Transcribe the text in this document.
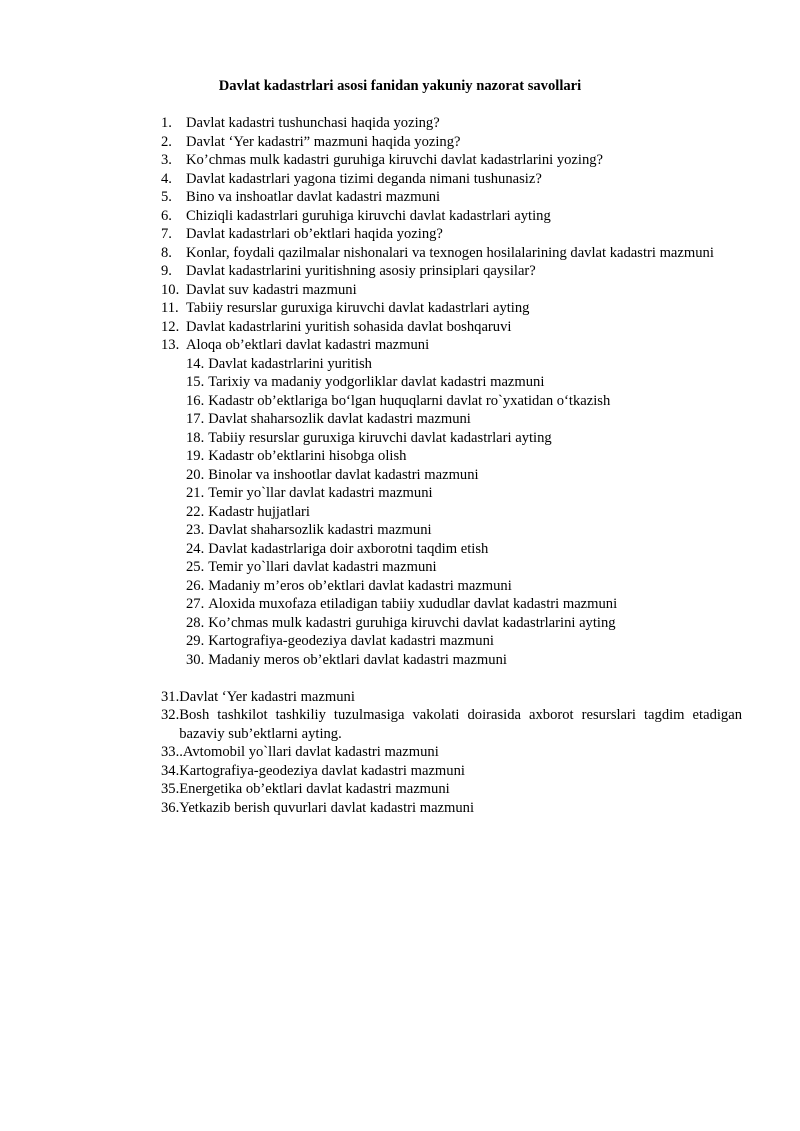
Davlat kadastrlari asosi fanidan yakuniy nazorat savollari
1. Davlat kadastri tushunchasi haqida yozing?
2. Davlat ‘Yer kadastri” mazmuni haqida yozing?
3. Ko’chmas mulk kadastri guruhiga kiruvchi davlat kadastrlarini yozing?
4. Davlat kadastrlari yagona tizimi deganda nimani tushunasiz?
5. Bino va inshoatlar davlat kadastri mazmuni
6. Chiziqli kadastrlari guruhiga kiruvchi davlat kadastrlari ayting
7. Davlat kadastrlari ob’ektlari haqida yozing?
8. Konlar, foydali qazilmalar nishonalari va texnogen hosilalarining davlat kadastri mazmuni
9. Davlat kadastrlarini yuritishning asosiy prinsiplari qaysilar?
10. Davlat suv kadastri mazmuni
11. Tabiiy resurslar guruxiga kiruvchi davlat kadastrlari ayting
12. Davlat kadastrlarini yuritish sohasida davlat boshqaruvi
13. Aloqa ob’ektlari davlat kadastri mazmuni
14. Davlat kadastrlarini yuritish
15. Tarixiy va madaniy yodgorliklar davlat kadastri mazmuni
16. Kadastr ob’ektlariga bo‘lgan huquqlarni davlat ro`yxatidan o‘tkazish
17. Davlat shaharsozlik davlat kadastri mazmuni
18. Tabiiy resurslar guruxiga kiruvchi davlat kadastrlari ayting
19. Kadastr ob’ektlarini hisobga olish
20. Binolar va inshootlar davlat kadastri mazmuni
21. Temir yo`llar davlat kadastri mazmuni
22. Kadastr hujjatlari
23. Davlat shaharsozlik kadastri mazmuni
24. Davlat kadastrlariga doir axborotni taqdim etish
25. Temir yo`llari davlat kadastri mazmuni
26. Madaniy m’eros ob’ektlari davlat kadastri mazmuni
27. Aloxida muxofaza etiladigan tabiiy xududlar davlat kadastri mazmuni
28. Ko’chmas mulk kadastri guruhiga kiruvchi davlat kadastrlarini ayting
29. Kartografiya-geodeziya davlat kadastri mazmuni
30. Madaniy meros ob’ektlari davlat kadastri mazmuni
31. Davlat ‘Yer kadastri mazmuni
32. Bosh tashkilot tashkiliy tuzulmasiga vakolati doirasida axborot resurslari tagdim etadigan bazaviy sub’ektlarni ayting.
33. .Avtomobil yo`llari davlat kadastri mazmuni
34. Kartografiya-geodeziya davlat kadastri mazmuni
35. Energetika ob’ektlari davlat kadastri mazmuni
36. Yetkazib berish quvurlari davlat kadastri mazmuni
